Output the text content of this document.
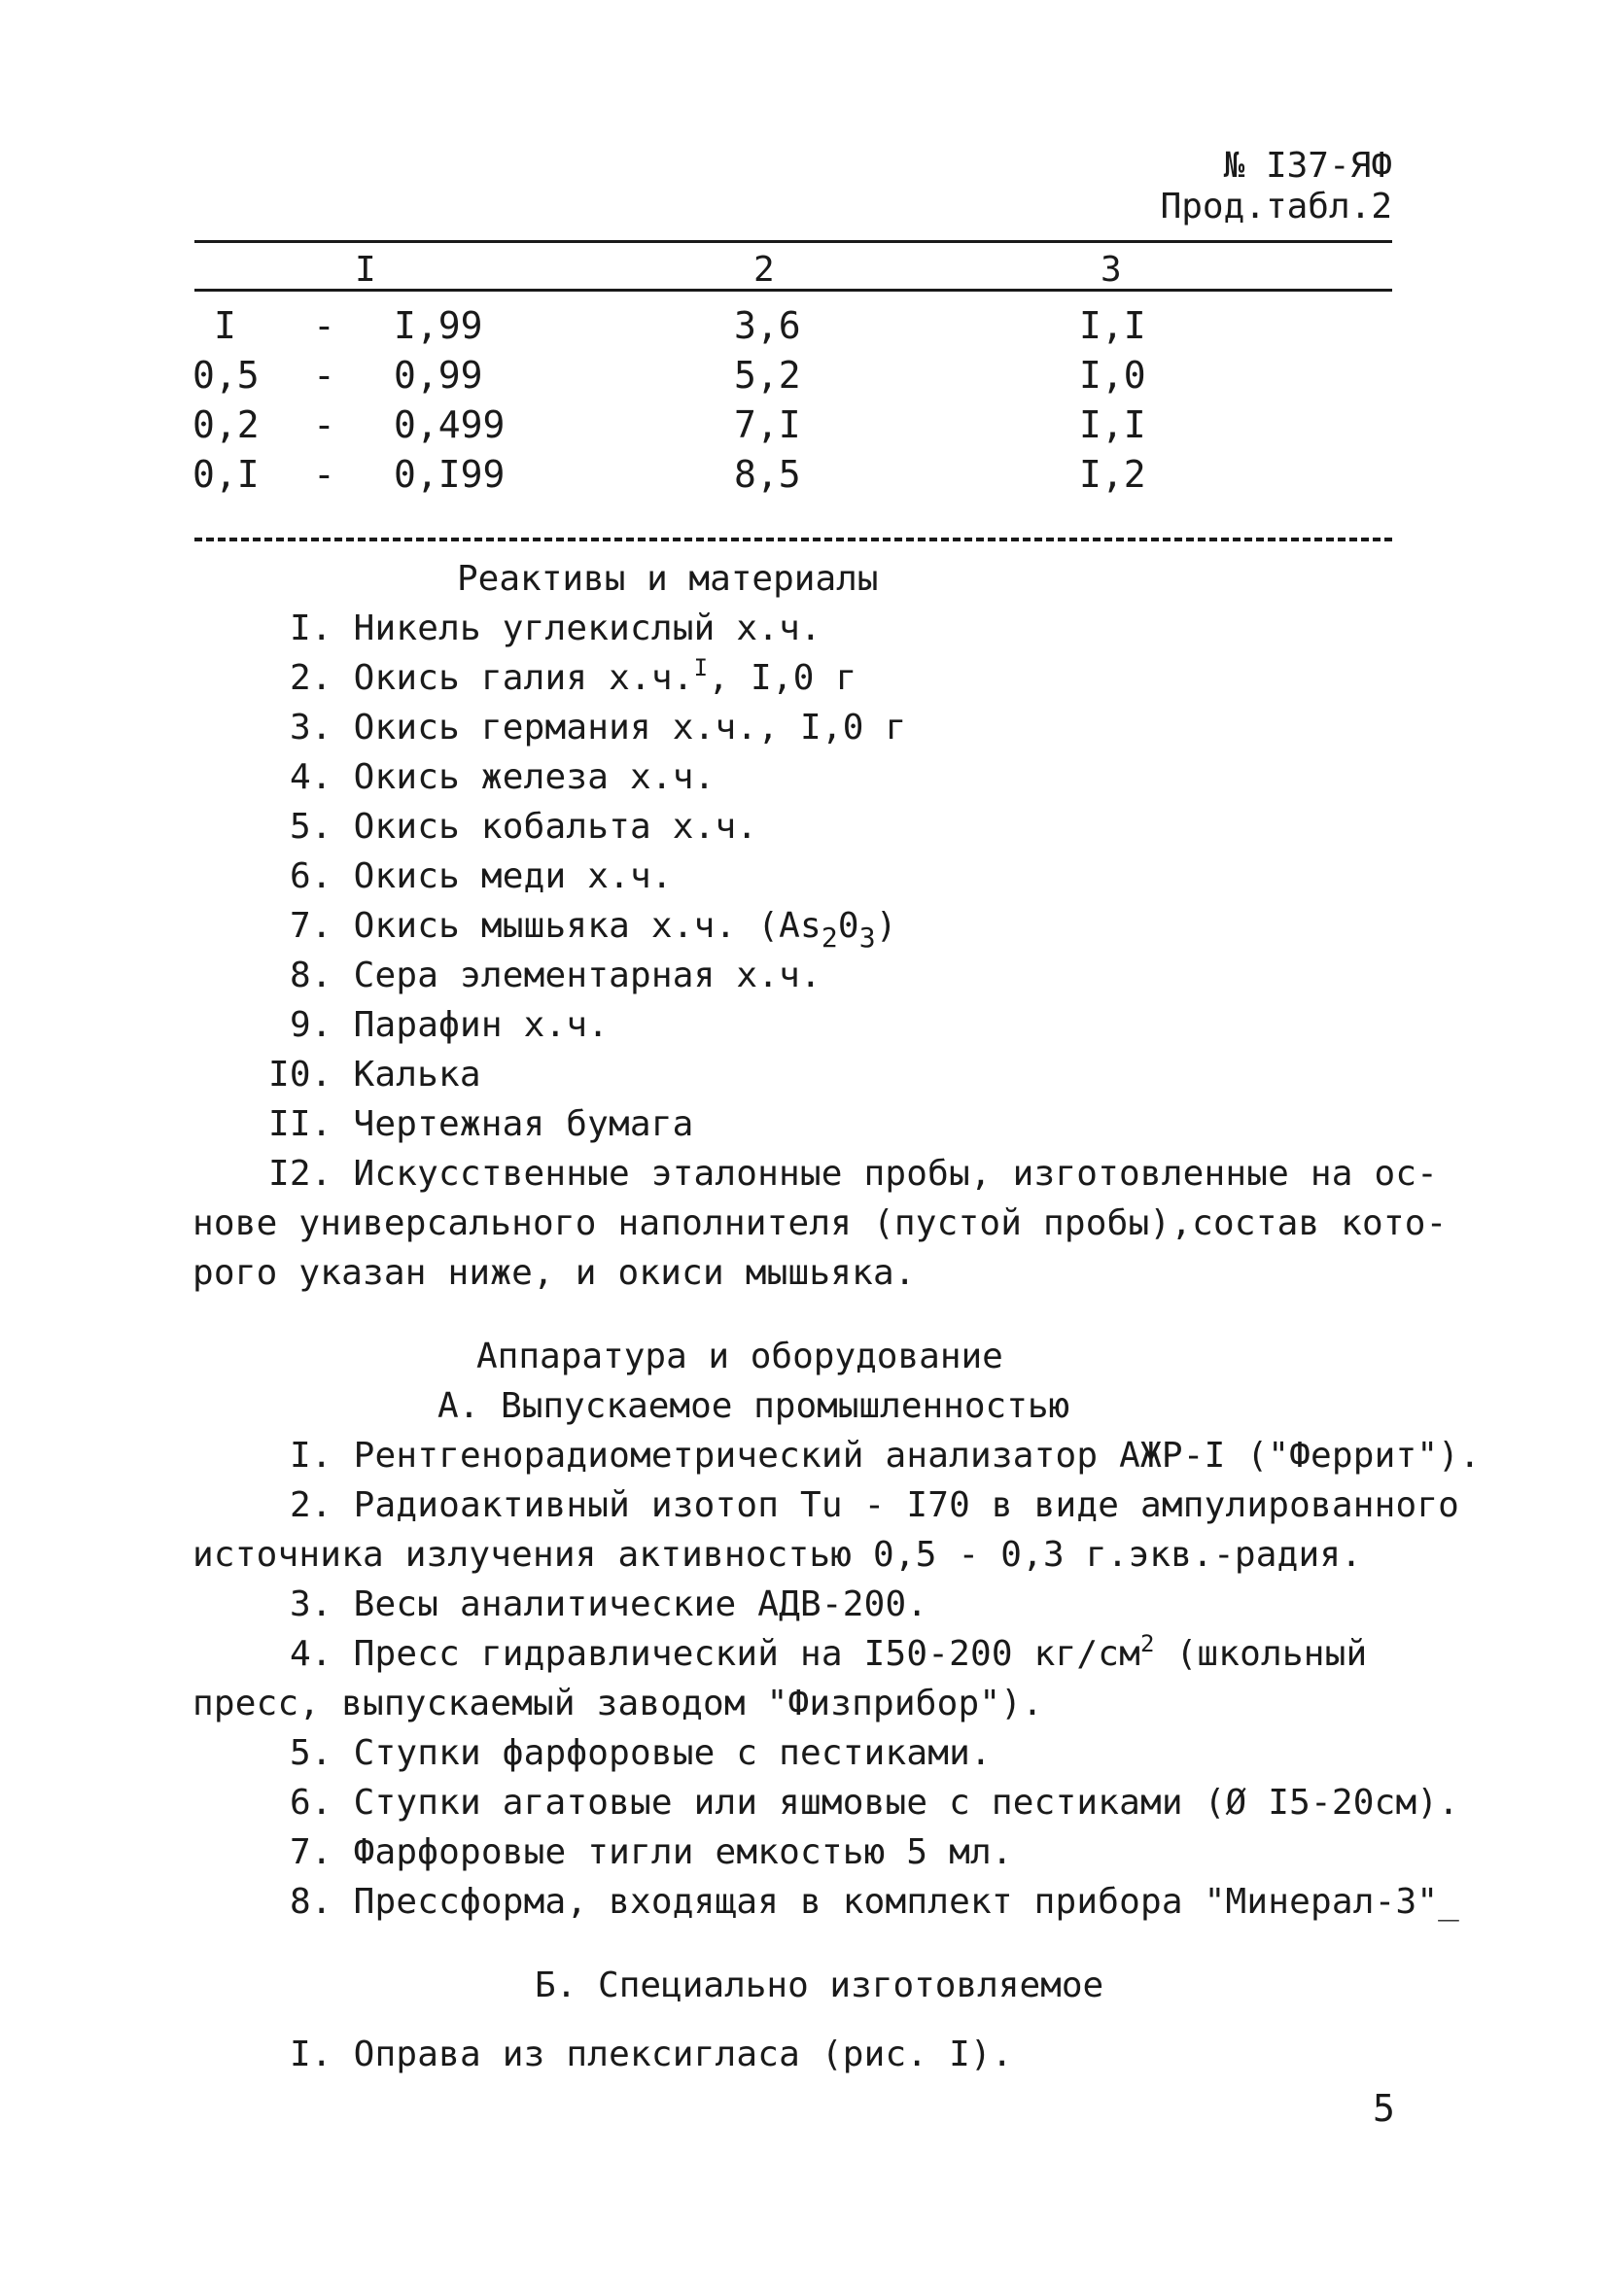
№ I37-ЯФ
Прод.табл.2
I	2	3
I - I,99	3,6	I,I
0,5 - 0,99	5,2	I,0
0,2 - 0,499	7,I	I,I
0,I - 0,I99	8,5	I,2
Реактивы и материалы
I. Никель углекислый х.ч.
2. Окись галия х.ч.$^I$, I,0 г
3. Окись германия х.ч., I,0 г
4. Окись железа х.ч.
5. Окись кобальта х.ч.
6. Окись меди х.ч.
7. Окись мышьяка х.ч. $(As_20_3)$
8. Сера элементарная х.ч.
9. Парафин х.ч.
I0. Калька
II. Чертежная бумага
I2. Искусственные эталонные пробы, изготовленные на ос-
нове универсального наполнителя (пустой пробы),состав кото-
рого указан ниже, и окиси мышьяка.
Аппаратура и оборудование
А. Выпускаемое промышленностью
I. Рентгенорадиометрический анализатор АЖР-I ("Феррит").
2. Радиоактивный изотоп Tu - I70 в виде ампулированного
источника излучения активностью 0,5 - 0,3 г.экв.-радия.
3. Весы аналитические АДВ-200.
4. Пресс гидравлический на I50-200 $кг/см^2$ (школьный
пресс, выпускаемый заводом "Физприбор").
5. Ступки фарфоровые с пестиками.
6. Ступки агатовые или яшмовые с пестиками (Ø I5-20см).
7. Фарфоровые тигли емкостью 5 мл.
8. Прессформа, входящая в комплект прибора "Минерал-3"_
Б. Специально изготовляемое
I. Оправа из плексигласа (рис. I).
5
